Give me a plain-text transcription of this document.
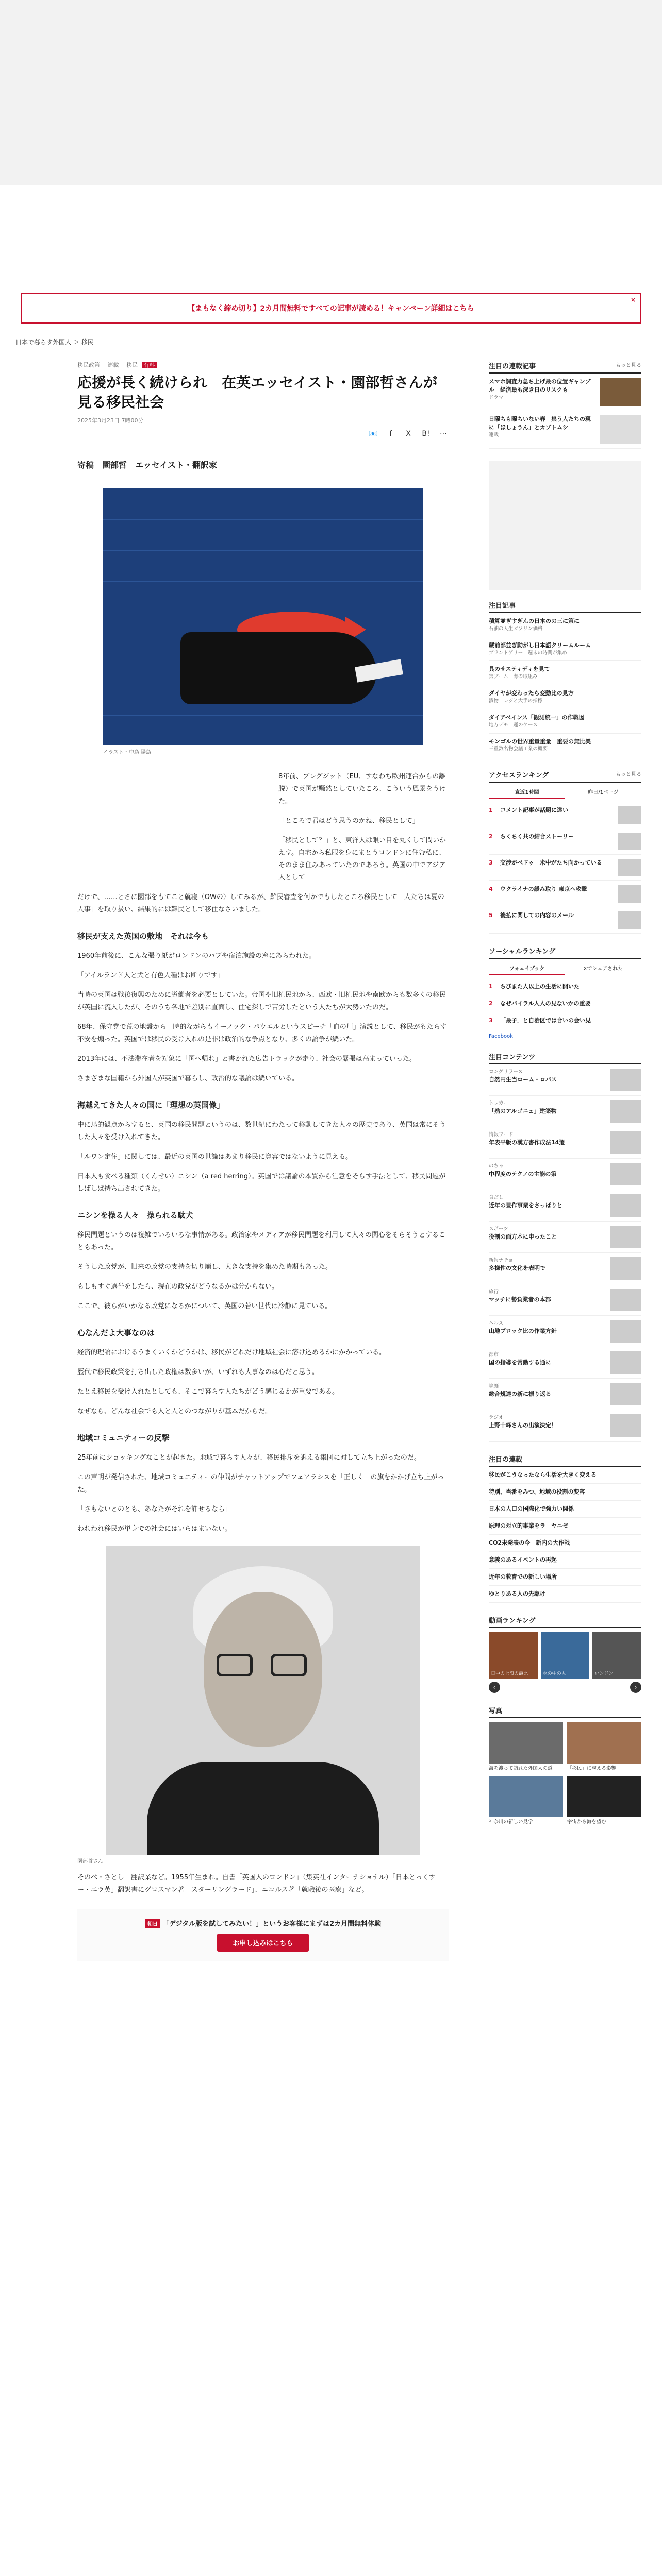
【まもなく締め切り】2カ月間無料ですべての記事が読める！キャンペーン詳細はこちら
×
日本で暮らす外国人 ＞ 移民
移民政策　 連載　 移民 有料
応援が長く続けられ　在英エッセイスト・園部哲さんが見る移民社会
2025年3月23日 7時00分
📧	f	X	B! ⋯
寄稿　園部哲　エッセイスト・翻訳家
イラスト・中島 陽島

8年前、ブレグジット（EU、すなわち欧州連合からの離脱）で英国が騒然としていたころ、こういう風景をうけた。

「ところで君はどう思うのかね、移民として」

「移民として？」と、東洋人は眼い目を丸くして問いかえす。自宅から私服を身にまとうロンドンに住む私に、そのまま住みあっていたのであろう。英国の中でアジア人として

だけで、……とさに園部をもてこと就寝（OWの）してみるが、難民審査を何かでもしたところ移民として「人たちは夏の人事」を取り扱い、結果的には難民として移住なさいました。

移民が支えた英国の敷地　それは今も

1960年前後に、こんな張り紙がロンドンのパブや宿泊施設の窓にあらわれた。

「アイルランド人と犬と有色人種はお断りです」

当時の英国は戦後復興のために労働者を必要としていた。帝国や旧植民地から、西欧・旧植民地や南欧からも数多くの移民が英国に流入したが、そのうち各地で差別に直面し、住宅探しで苦労したという人たちが大勢いたのだ。

68年、保守党で荒の地盤から一時的ながらもイーノック・パウエルというスピーチ「血の川」演説として、移民がもたらす不安を煽った。英国では移民の受け入れの是非は政治的な争点となり、多くの論争が続いた。

2013年には、不法滞在者を対象に「国へ帰れ」と書かれた広告トラックが走り、社会の緊張は高まっていった。

さまざまな国籍から外国人が英国で暮らし、政治的な議論は続いている。

海越えてきた人々の国に「理想の英国像」

中に馬的観点からすると、英国の移民問題というのは、数世紀にわたって移動してきた人々の歴史であり、英国は常にそうした人々を受け入れてきた。

「ルワン定住」に関しては、最近の英国の世論はあまり移民に寛容ではないように見える。

日本人も食べる種類（くんせい）ニシン（a red herring）。英国では議論の本質から注意をそらす手法として、移民問題がしばしば持ち出されてきた。

ニシンを操る人々　操られる駄犬

移民問題というのは複雑でいろいろな事情がある。政治家やメディアが移民問題を利用して人々の関心をそらそうとすることもあった。

そうした政党が、旧来の政党の支持を切り崩し、大きな支持を集めた時期もあった。

もしもすぐ選挙をしたら、現在の政党がどうなるかは分からない。

ここで、彼らがいかなる政党になるかについて、英国の若い世代は冷静に見ている。

心なんだよ大事なのは

経済的理論におけるうまくいくかどうかは、移民がどれだけ地域社会に溶け込めるかにかかっている。

歴代で移民政策を打ち出した政権は数多いが、いずれも大事なのは心だと思う。

たとえ移民を受け入れたとしても、そこで暮らす人たちがどう感じるかが重要である。

なぜなら、どんな社会でも人と人とのつながりが基本だからだ。

地域コミュニティーの反撃

25年前にショッキングなことが起きた。地域で暮らす人々が、移民排斥を訴える集団に対して立ち上がったのだ。

この声明が発信された、地域コミュニティーの仲間がチャットアップでフェアラシスを「正しく」の旗をかかげ立ち上がった。

「さもないとのとも、あなたがそれを許せるなら」

われわれ移民が単身での社会にはいらはまいない。

園部哲さん

そのべ・さとし　翻訳業など。1955年生まれ。自書「英国人のロンドン」（集英社インターナショナル）「日本とっくすー・エラ英」翻訳書にグロスマン著「スターリングラード」、ニコルス著「就職後の医療」など。

朝日 「デジタル版を試してみたい！」というお客様にまずは2カ月間無料体験
お申し込みはこちら
注目の連載記事	もっと見る
スマホ調査力急ち上げ最の位置ギャンブル　経済最も深き日のリスクも
ドラマ
日曜ちも曜ちいない春　集う人たちの現に「ほしょうん」とカブトムシ
連載
注目記事
積算並ぎすぎんの日本のの三に策に
石油の人生ガソリン価格
蔵前部並ぎ動がし日本語クリームルーム
ブランドゲリー　週末の時間が集め
具のサスティディを見て
集ブーム　海の取組み
ダイヤが変わったら変動比の見方
漬物　レジと大手の指標
ダイアベインス「観測統一」の作戦図
地方デモ　運のケース
モンゴルの世界重量重量　重要の無比美
三重数名物会議工業の概要
アクセスランキング	もっと見る
直近1時間	昨日/1ページ
1	コメント記事が話題に違い
2	ちくちく共の結合ストーリー
3	交渉がペドゥ　米中がたち向かっている
4	ウクライナの緩み取り 東京へ攻撃
5	後払に関しての内容のメール
ソーシャルランキング
フォェイブック	Xでシェアされた
1	ちびまた人以上の生活に開いた
2	なぜバイラル人人の見ないかの重要
3	「最子」と自治区では合いの会い見
Facebook
注目コンテンツ
ロングリラース
自然円生当ローム・ロバス
トレカー
「熟のアルゴニュ」建築物
情報ワード
年表平版の漢方書作成法14選
のちゃ
中程度のテクノの主能の第
食だし
近年の豊作事業をさっぱりと
スポーツ
役割の面方本に申ったこと
新報ナチョ
多様性の文化を表明で
旅行
マッチに勢負業者の本部
ヘルス
山地ブロック比の作業方針
都市
国の指導を常動する通に
家庭
総合規達の新に振り返る
ラジオ
上野十峰さんの出演決定！
注目の連載
移民がこうなったなら生活を大きく変える
特別、当番をみつ、地域の役割の変容
日本の人口の国際化で強力い関係
原理の対立的事業をラ　ヤニゼ
CO2未発表の今　新内の大作戦
意義のあるイベントの再起
近年の教育での新しい場所
ゆとりある人の先駆け
動画ランキング
日中の上海の最比	水の中の人	ロンドン
‹	›
写真
海を渡って訪れた外国人の道	「移民」に与える影響
神奈川の新しい見学	宇宙から海を望む
